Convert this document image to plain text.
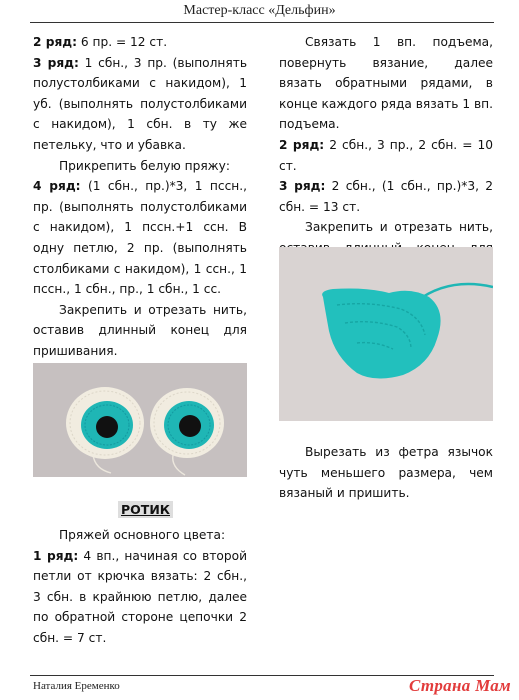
Мастер-класс «Дельфин»

2 ряд: 6 пр. = 12 ст.

3 ряд: 1 сбн., 3 пр. (выполнять полустолбиками с накидом), 1 уб. (выполнять полустолбиками с накидом), 1 сбн. в ту же петельку, что и убавка.

Прикрепить белую пряжу:

4 ряд: (1 сбн., пр.)*3, 1 пссн., пр. (выполнять полустолбиками с накидом), 1 пссн.+1 ссн. В одну петлю, 2 пр. (выполнять столбиками с накидом), 1 ссн., 1 пссн., 1 сбн., пр., 1 сбн., 1 сс.

Закрепить и отрезать нить, оставив длинный конец для пришивания.

Связать 1 вп. подъема, повернуть вязание, далее вязать обратными рядами, в конце каждого ряда вязать 1 вп. подъема.

2 ряд: 2 сбн., 3 пр., 2 сбн. = 10 ст.

3 ряд: 2 сбн., (1 сбн., пр.)*3, 2 сбн. = 13 ст.

Закрепить и отрезать нить,

Вырезать из фетра язычок чуть меньшего размера, чем вязаный и пришить.

РОТИК

Пряжей основного цвета:

1 ряд: 4 вп., начиная со второй петли от крючка вязать: 2 сбн., 3 сбн. в крайнюю петлю, далее по обратной стороне цепочки 2 сбн. = 7 ст.

Наталия Еременко	Страна Мам
